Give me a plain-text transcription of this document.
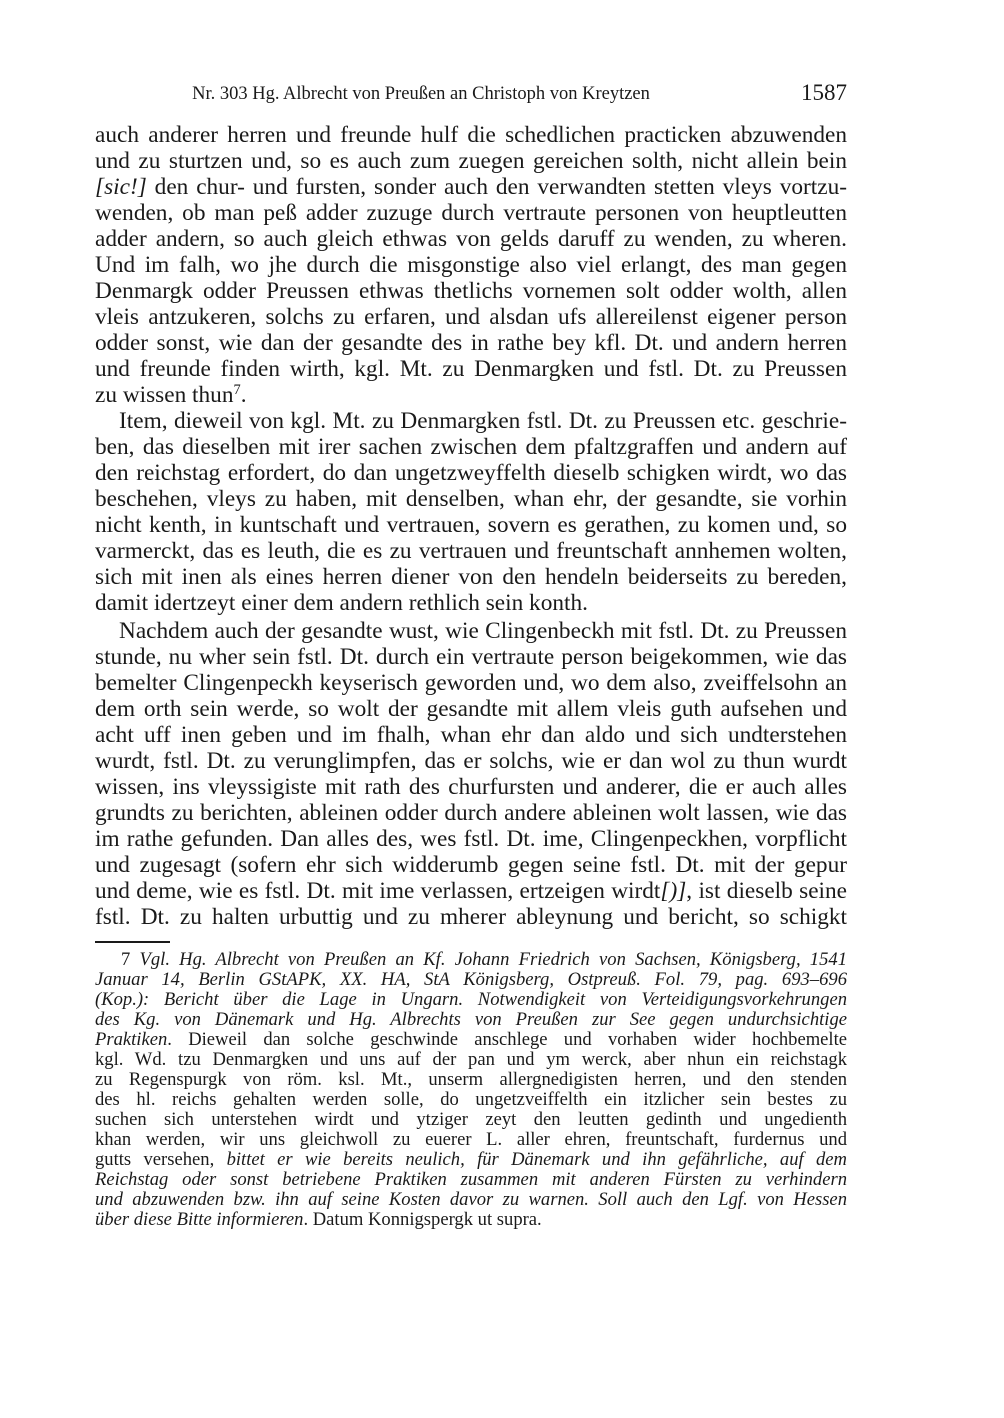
Nr. 303 Hg. Albrecht von Preußen an Christoph von Kreytzen	1587
auch anderer herren und freunde hulf die schedlichen practicken abzuwenden
und zu sturtzen und, so es auch zum zuegen gereichen solth, nicht allein bein
[sic!] den chur- und fursten, sonder auch den verwandten stetten vleys vortzu-
wenden, ob man peß adder zuzuge durch vertraute personen von heuptleutten
adder andern, so auch gleich ethwas von gelds daruff zu wenden, zu wheren.
Und im falh, wo jhe durch die misgonstige also viel erlangt, des man gegen
Denmargk odder Preussen ethwas thetlichs vornemen solt odder wolth, allen
vleis antzukeren, solchs zu erfaren, und alsdan ufs allereilenst eigener person
odder sonst, wie dan der gesandte des in rathe bey kfl. Dt. und andern herren
und freunde finden wirth, kgl. Mt. zu Denmargken und fstl. Dt. zu Preussen
zu wissen thun$^7$.
Item, dieweil von kgl. Mt. zu Denmargken fstl. Dt. zu Preussen etc. geschrie-
ben, das dieselben mit irer sachen zwischen dem pfaltzgraffen und andern auf
den reichstag erfordert, do dan ungetzweyffelth dieselb schigken wirdt, wo das
beschehen, vleys zu haben, mit denselben, whan ehr, der gesandte, sie vorhin
nicht kenth, in kuntschaft und vertrauen, sovern es gerathen, zu komen und, so
varmerckt, das es leuth, die es zu vertrauen und freuntschaft annhemen wolten,
sich mit inen als eines herren diener von den hendeln beiderseits zu bereden,
damit idertzeyt einer dem andern rethlich sein konth.
Nachdem auch der gesandte wust, wie Clingenbeckh mit fstl. Dt. zu Preussen
stunde, nu wher sein fstl. Dt. durch ein vertraute person beigekommen, wie das
bemelter Clingenpeckh keyserisch geworden und, wo dem also, zveiffelsohn an
dem orth sein werde, so wolt der gesandte mit allem vleis guth aufsehen und
acht uff inen geben und im fhalh, whan ehr dan aldo und sich undterstehen
wurdt, fstl. Dt. zu verunglimpfen, das er solchs, wie er dan wol zu thun wurdt
wissen, ins vleyssigiste mit rath des churfursten und anderer, die er auch alles
grundts zu berichten, ableinen odder durch andere ableinen wolt lassen, wie das
im rathe gefunden. Dan alles des, wes fstl. Dt. ime, Clingenpeckhen, vorpflicht
und zugesagt (sofern ehr sich widderumb gegen seine fstl. Dt. mit der gepur
und deme, wie es fstl. Dt. mit ime verlassen, ertzeigen wirdt[)], ist dieselb seine
fstl. Dt. zu halten urbuttig und zu mherer ableynung und bericht, so schigkt
7 Vgl. Hg. Albrecht von Preußen an Kf. Johann Friedrich von Sachsen, Königsberg, 1541
Januar 14, Berlin GStAPK, XX. HA, StA Königsberg, Ostpreuß. Fol. 79, pag. 693–696
(Kop.): Bericht über die Lage in Ungarn. Notwendigkeit von Verteidigungsvorkehrungen
des Kg. von Dänemark und Hg. Albrechts von Preußen zur See gegen undurchsichtige
Praktiken. Dieweil dan solche geschwinde anschlege und vorhaben wider hochbemelte
kgl. Wd. tzu Denmargken und uns auf der pan und ym werck, aber nhun ein reichstagk
zu Regenspurgk von röm. ksl. Mt., unserm allergnedigisten herren, und den stenden
des hl. reichs gehalten werden solle, do ungetzveiffelth ein itzlicher sein bestes zu
suchen sich unterstehen wirdt und ytziger zeyt den leutten gedinth und ungedienth
khan werden, wir uns gleichwoll zu euerer L. aller ehren, freuntschaft, furdernus und
gutts versehen, bittet er wie bereits neulich, für Dänemark und ihn gefährliche, auf dem
Reichstag oder sonst betriebene Praktiken zusammen mit anderen Fürsten zu verhindern
und abzuwenden bzw. ihn auf seine Kosten davor zu warnen. Soll auch den Lgf. von Hessen
über diese Bitte informieren. Datum Konnigspergk ut supra.
